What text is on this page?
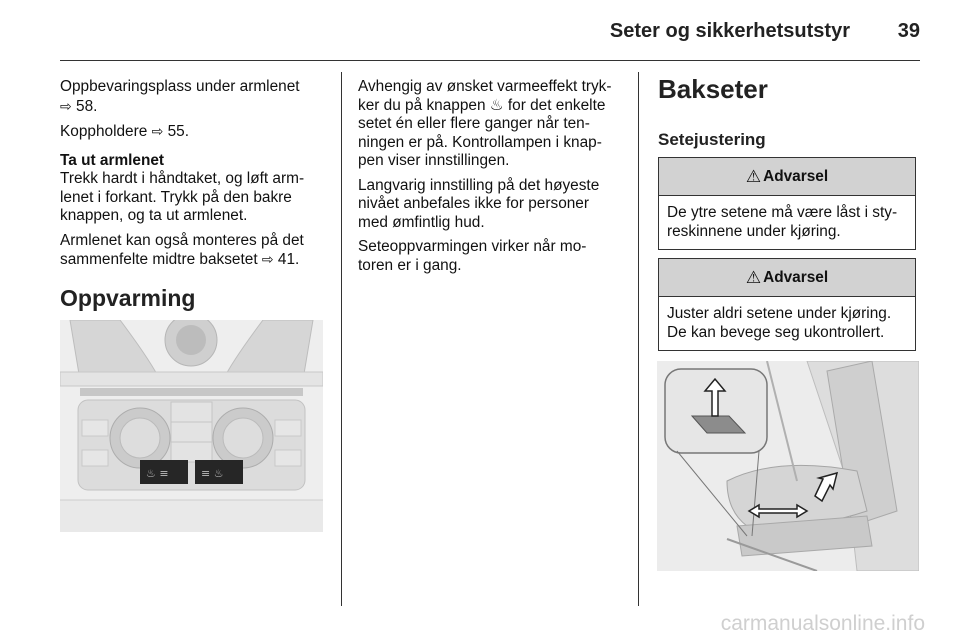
Seter og sikkerhetsutstyr	39

Oppbevaringsplass under armlenet
⇨ 58.

Koppholdere ⇨ 55.

Ta ut armlenet

Trekk hardt i håndtaket, og løft arm-
lenet i forkant. Trykk på den bakre
knappen, og ta ut armlenet.

Armlenet kan også monteres på det
sammenfelte midtre baksetet ⇨ 41.

Oppvarming
♨ ≡	≡ ♨

Avhengig av ønsket varmeeffekt tryk-
ker du på knappen ♨ for det enkelte
setet én eller flere ganger når ten-
ningen er på. Kontrollampen i knap-
pen viser innstillingen.

Langvarig innstilling på det høyeste
nivået anbefales ikke for personer
med ømfintlig hud.

Seteoppvarmingen virker når mo-
toren er i gang.

Bakseter
Setejustering
⚠ Advarsel
De ytre setene må være låst i sty-
reskinnene under kjøring.
⚠ Advarsel
Juster aldri setene under kjøring.
De kan bevege seg ukontrollert.
carmanualsonline.info
